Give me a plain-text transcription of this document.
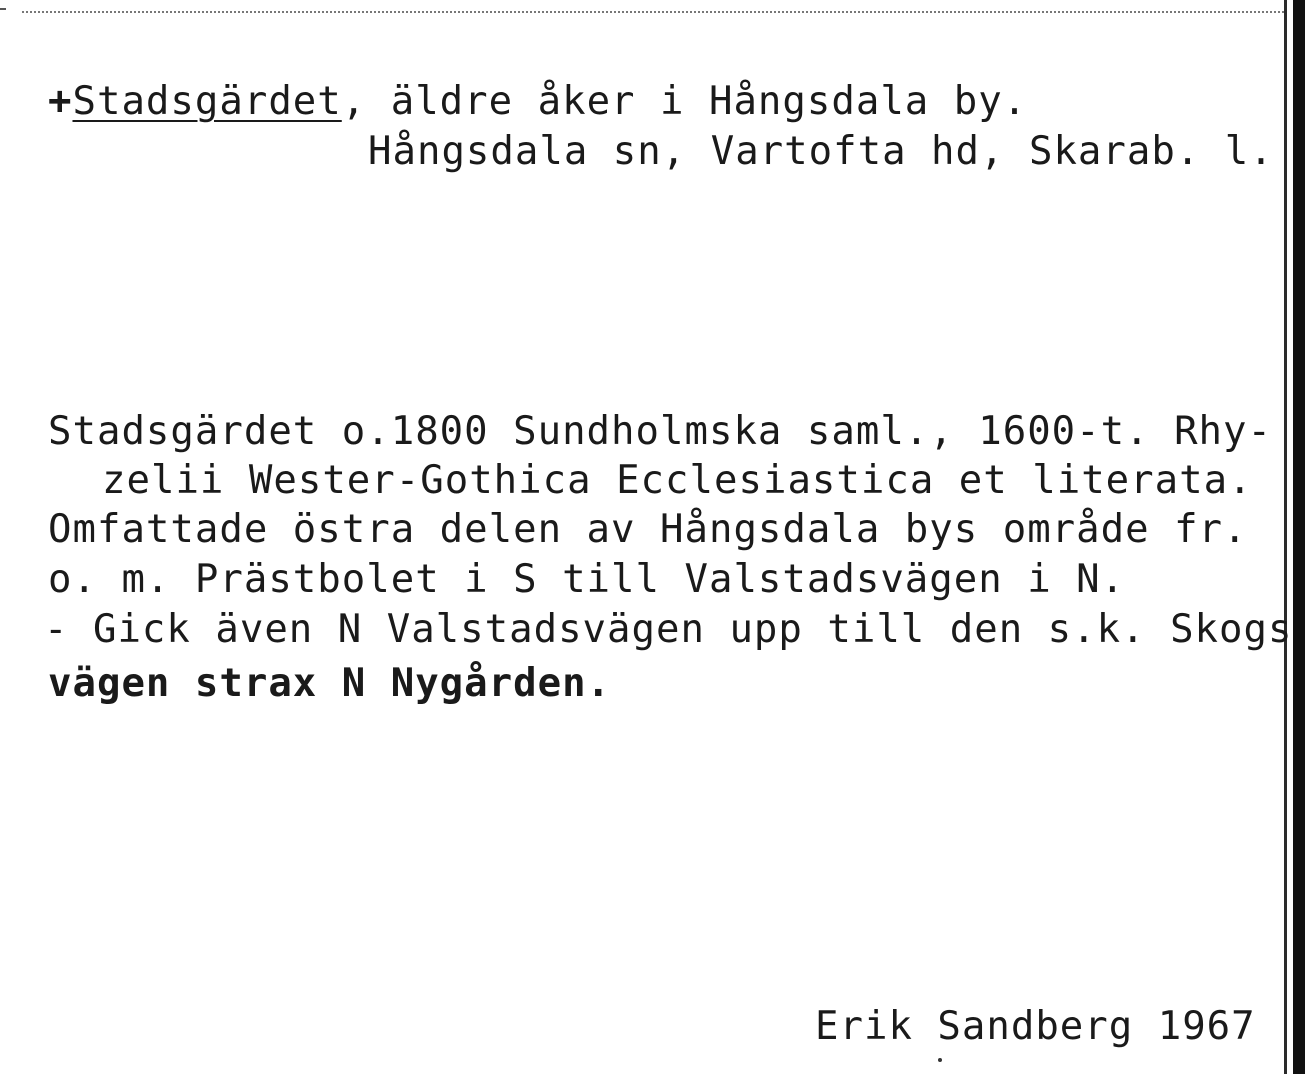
+Stadsgärdet, äldre åker i Hångsdala by.
Hångsdala sn, Vartofta hd, Skarab. l.
Stadsgärdet o.1800 Sundholmska saml., 1600-t. Rhy-
zelii Wester-Gothica Ecclesiastica et literata.
Omfattade östra delen av Hångsdala bys område fr.
o. m. Prästbolet i S till Valstadsvägen i N.
- Gick även N Valstadsvägen upp till den s.k. Skogs
vägen strax N Nygården.
Erik Sandberg 1967
